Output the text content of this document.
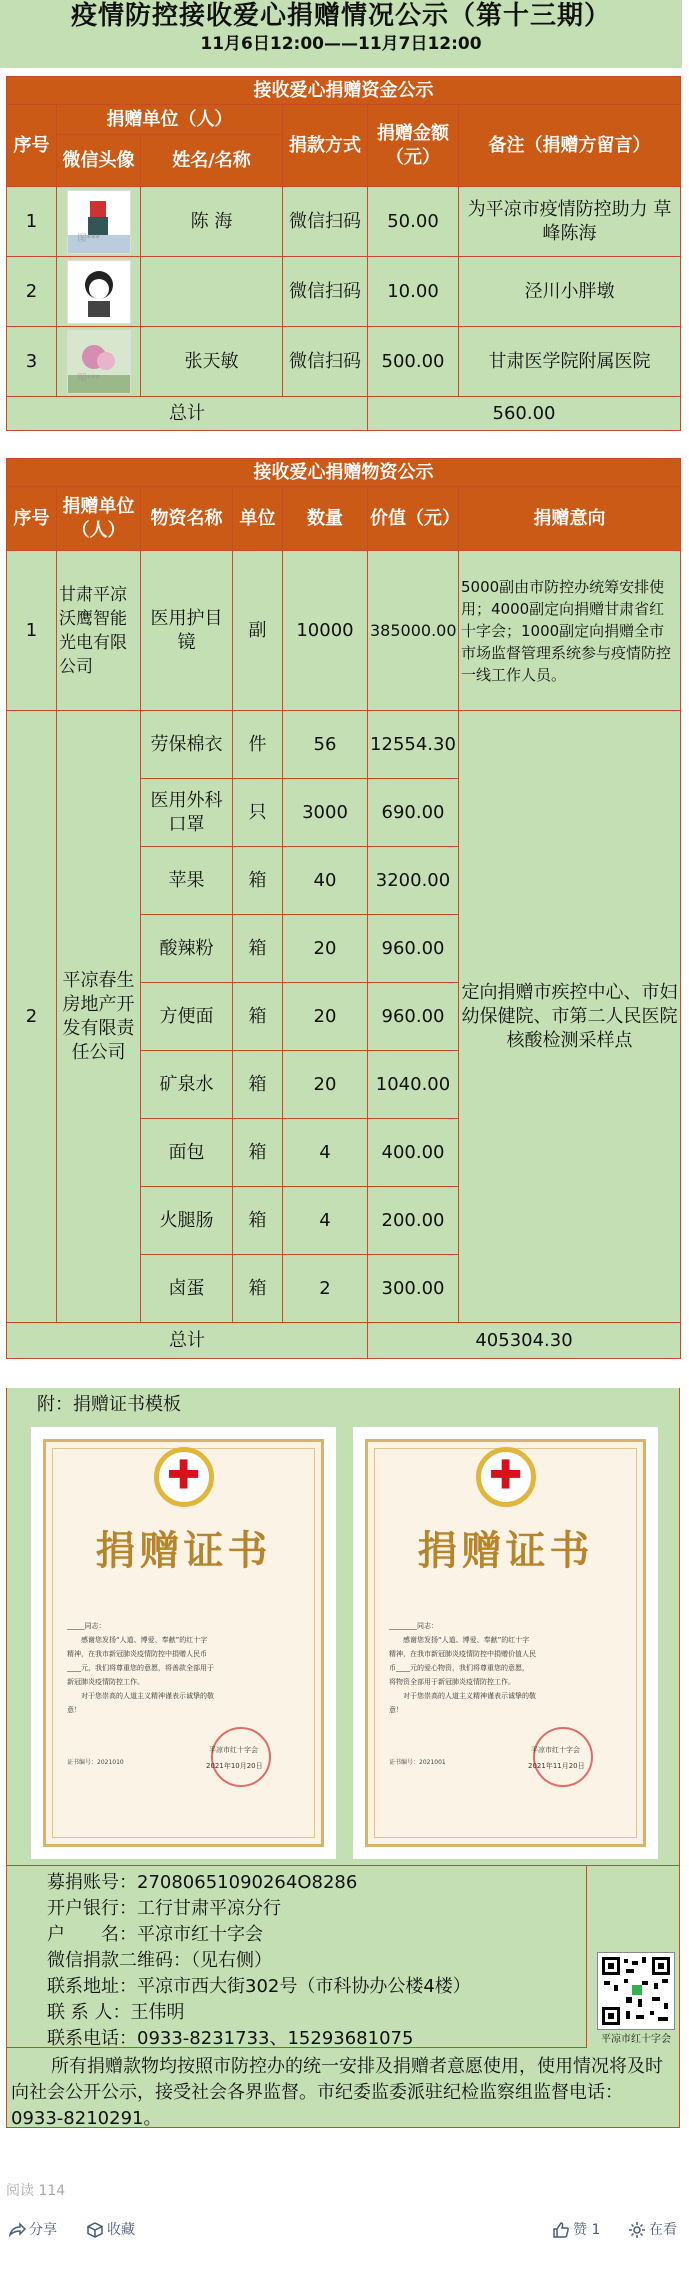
疫情防控接收爱心捐赠情况公示（第十三期）
11月6日12:00——11月7日12:00
接收爱心捐赠资金公示					
序号	捐赠单位（人）		捐款方式	捐赠金额（元）	备注（捐赠方留言）
	微信头像	姓名/名称			
1	图***	陈 海	微信扫码	50.00	为平凉市疫情防控助力 草峰陈海
2			微信扫码	10.00	泾川小胖墩
3	图***	张天敏	微信扫码	500.00	甘肃医学院附属医院
总计				560.00	
接收爱心捐赠物资公示						
序号	捐赠单位（人）	物资名称	单位	数量	价值（元）	捐赠意向
1	甘肃平凉沃鹰智能光电有限公司	医用护目镜	副	10000	385000.00	5000副由市防控办统筹安排使用；4000副定向捐赠甘肃省红十字会；1000副定向捐赠全市市场监督管理系统参与疫情防控一线工作人员。
2	平凉春生房地产开发有限责任公司	劳保棉衣	件	56	12554.30	定向捐赠市疾控中心、市妇幼保健院、市第二人民医院核酸检测采样点
		医用外科口罩	只	3000	690.00	
		苹果	箱	40	3200.00	
		酸辣粉	箱	20	960.00	
		方便面	箱	20	960.00	
		矿泉水	箱	20	1040.00	
		面包	箱	4	400.00	
		火腿肠	箱	4	200.00	
		卤蛋	箱	2	300.00	
总计					405304.30	
附：捐赠证书模板
✚
捐赠证书
_____同志：
感谢您发扬“人道、博爱、奉献”的红十字
精神，在我市新冠肺炎疫情防控中捐赠人民币
____元，我们将尊重您的意愿，将善款全部用于
新冠肺炎疫情防控工作。
对于您崇高的人道主义精神谨表示诚挚的敬
意！
证书编号：2021010
平凉市红十字会
2021年10月20日
✚
捐赠证书
________同志：
感谢您发扬“人道、博爱、奉献”的红十字
精神，在我市新冠肺炎疫情防控中捐赠价值人民
币____元的爱心物资，我们将尊重您的意愿，
将物资全部用于新冠肺炎疫情防控工作。
对于您崇高的人道主义精神谨表示诚挚的敬
意！
证书编号：2021001
平凉市红十字会
2021年11月20日
募捐账号：27080651090264O8286
开户银行：工行甘肃平凉分行
户　　名：平凉市红十字会
微信捐款二维码：（见右侧）
联系地址：平凉市西大街302号（市科协办公楼4楼）
联 系 人：王伟明
联系电话：0933-8231733、15293681075	平凉市红十字会
所有捐赠款物均按照市防控办的统一安排及捐赠者意愿使用，使用情况将及时向社会公开公示，接受社会各界监督。市纪委监委派驻纪检监察组监督电话：0933-8210291。
阅读 114
分享	收藏	赞 1	在看
